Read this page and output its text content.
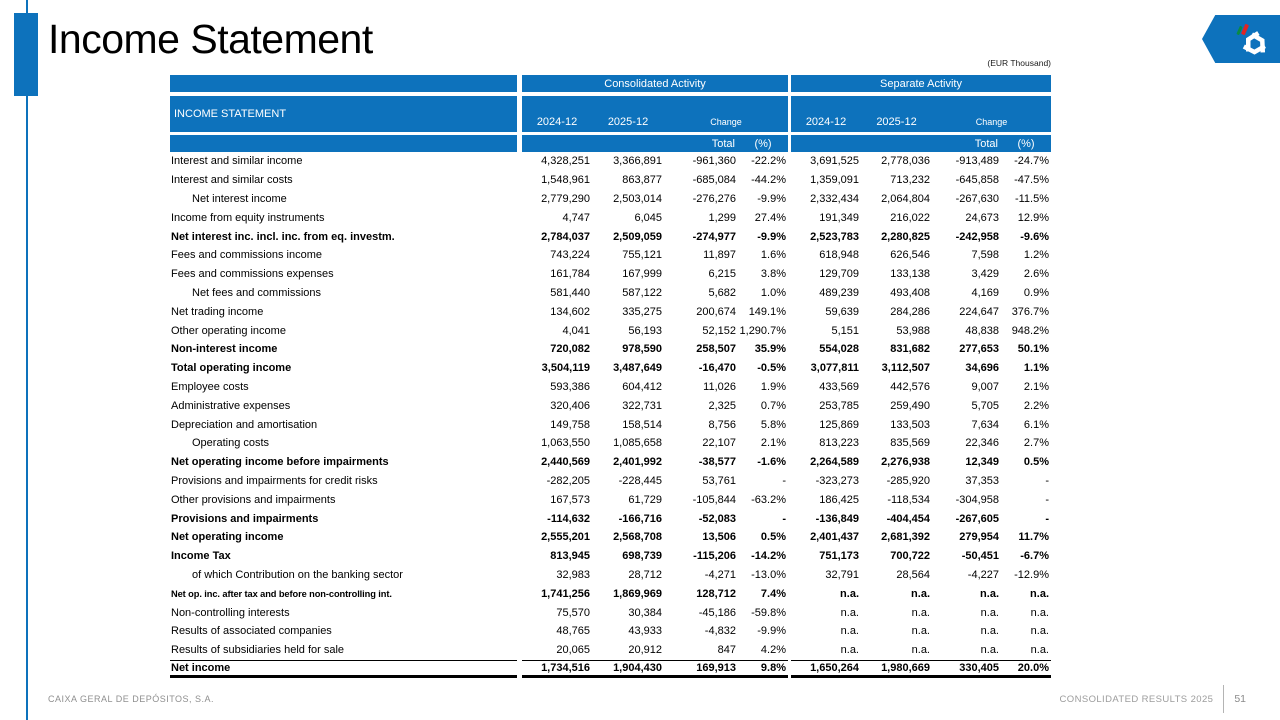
Income Statement
(EUR Thousand)
Consolidated Activity	Separate Activity
INCOME STATEMENT
2024-12	2025-12	Change	2024-12	2025-12	Change
Total	(%)	Total	(%)
Interest and similar income	4,328,251	3,366,891	-961,360	-22.2%	3,691,525	2,778,036	-913,489	-24.7%
Interest and similar costs	1,548,961	863,877	-685,084	-44.2%	1,359,091	713,232	-645,858	-47.5%
Net interest income	2,779,290	2,503,014	-276,276	-9.9%	2,332,434	2,064,804	-267,630	-11.5%
Income from equity instruments	4,747	6,045	1,299	27.4%	191,349	216,022	24,673	12.9%
Net interest inc. incl. inc. from eq. investm.	2,784,037	2,509,059	-274,977	-9.9%	2,523,783	2,280,825	-242,958	-9.6%
Fees and commissions income	743,224	755,121	11,897	1.6%	618,948	626,546	7,598	1.2%
Fees and commissions expenses	161,784	167,999	6,215	3.8%	129,709	133,138	3,429	2.6%
Net fees and commissions	581,440	587,122	5,682	1.0%	489,239	493,408	4,169	0.9%
Net trading income	134,602	335,275	200,674	149.1%	59,639	284,286	224,647	376.7%
Other operating income	4,041	56,193	52,152 1,290.7%	5,151	53,988	48,838	948.2%
Non-interest income	720,082	978,590	258,507	35.9%	554,028	831,682	277,653	50.1%
Total operating income	3,504,119	3,487,649	-16,470	-0.5%	3,077,811	3,112,507	34,696	1.1%
Employee costs	593,386	604,412	11,026	1.9%	433,569	442,576	9,007	2.1%
Administrative expenses	320,406	322,731	2,325	0.7%	253,785	259,490	5,705	2.2%
Depreciation and amortisation	149,758	158,514	8,756	5.8%	125,869	133,503	7,634	6.1%
Operating costs	1,063,550	1,085,658	22,107	2.1%	813,223	835,569	22,346	2.7%
Net operating income before impairments	2,440,569	2,401,992	-38,577	-1.6%	2,264,589	2,276,938	12,349	0.5%
Provisions and impairments for credit risks	-282,205	-228,445	53,761	-	-323,273	-285,920	37,353	-
Other provisions and impairments	167,573	61,729	-105,844	-63.2%	186,425	-118,534	-304,958	-
Provisions and impairments	-114,632	-166,716	-52,083	-	-136,849	-404,454	-267,605	-
Net operating income	2,555,201	2,568,708	13,506	0.5%	2,401,437	2,681,392	279,954	11.7%
Income Tax	813,945	698,739	-115,206	-14.2%	751,173	700,722	-50,451	-6.7%
of which Contribution on the banking sector	32,983	28,712	-4,271	-13.0%	32,791	28,564	-4,227	-12.9%
Net op. inc. after tax and before non-controlling int.	1,741,256	1,869,969	128,712	7.4%	n.a.	n.a.	n.a.	n.a.
Non-controlling interests	75,570	30,384	-45,186	-59.8%	n.a.	n.a.	n.a.	n.a.
Results of associated companies	48,765	43,933	-4,832	-9.9%	n.a.	n.a.	n.a.	n.a.
Results of subsidiaries held for sale	20,065	20,912	847	4.2%	n.a.	n.a.	n.a.	n.a.
Net income	1,734,516	1,904,430	169,913	9.8%	1,650,264	1,980,669	330,405	20.0%
CAIXA GERAL DE DEPÓSITOS, S.A.	CONSOLIDATED RESULTS 2025 51
